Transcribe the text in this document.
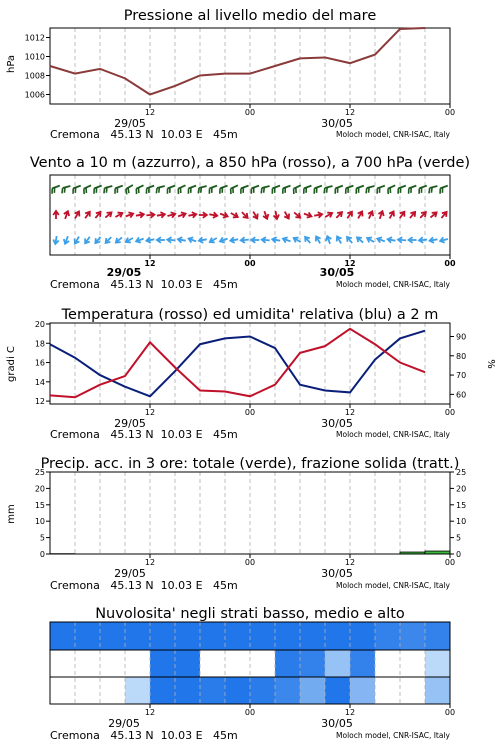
Pressione al livello medio del mare
hPa
1006
1008
1010
1012
12	00	12	00
29/05	30/05
Cremona   45.13 N  10.03 E   45m	Moloch model, CNR-ISAC, Italy
Vento a 10 m (azzurro), a 850 hPa (rosso), a 700 hPa (verde)
12	00	12	00
29/05	30/05
Cremona   45.13 N  10.03 E   45m	Moloch model, CNR-ISAC, Italy
Temperatura (rosso) ed umidita' relativa (blu) a 2 m
gradi C	%
12
14
16
18
20
60
70
80
90
12	00	12	00
29/05	30/05
Cremona   45.13 N  10.03 E   45m	Moloch model, CNR-ISAC, Italy
Precip. acc. in 3 ore: totale (verde), frazione solida (tratt.)
mm
0
5
10
15
20
25
0
5
10
15
20
25
12	00	12	00
29/05	30/05
Cremona   45.13 N  10.03 E   45m	Moloch model, CNR-ISAC, Italy
Nuvolosita' negli strati basso, medio e alto
12	00	12	00
29/05	30/05
Cremona   45.13 N  10.03 E   45m	Moloch model, CNR-ISAC, Italy
